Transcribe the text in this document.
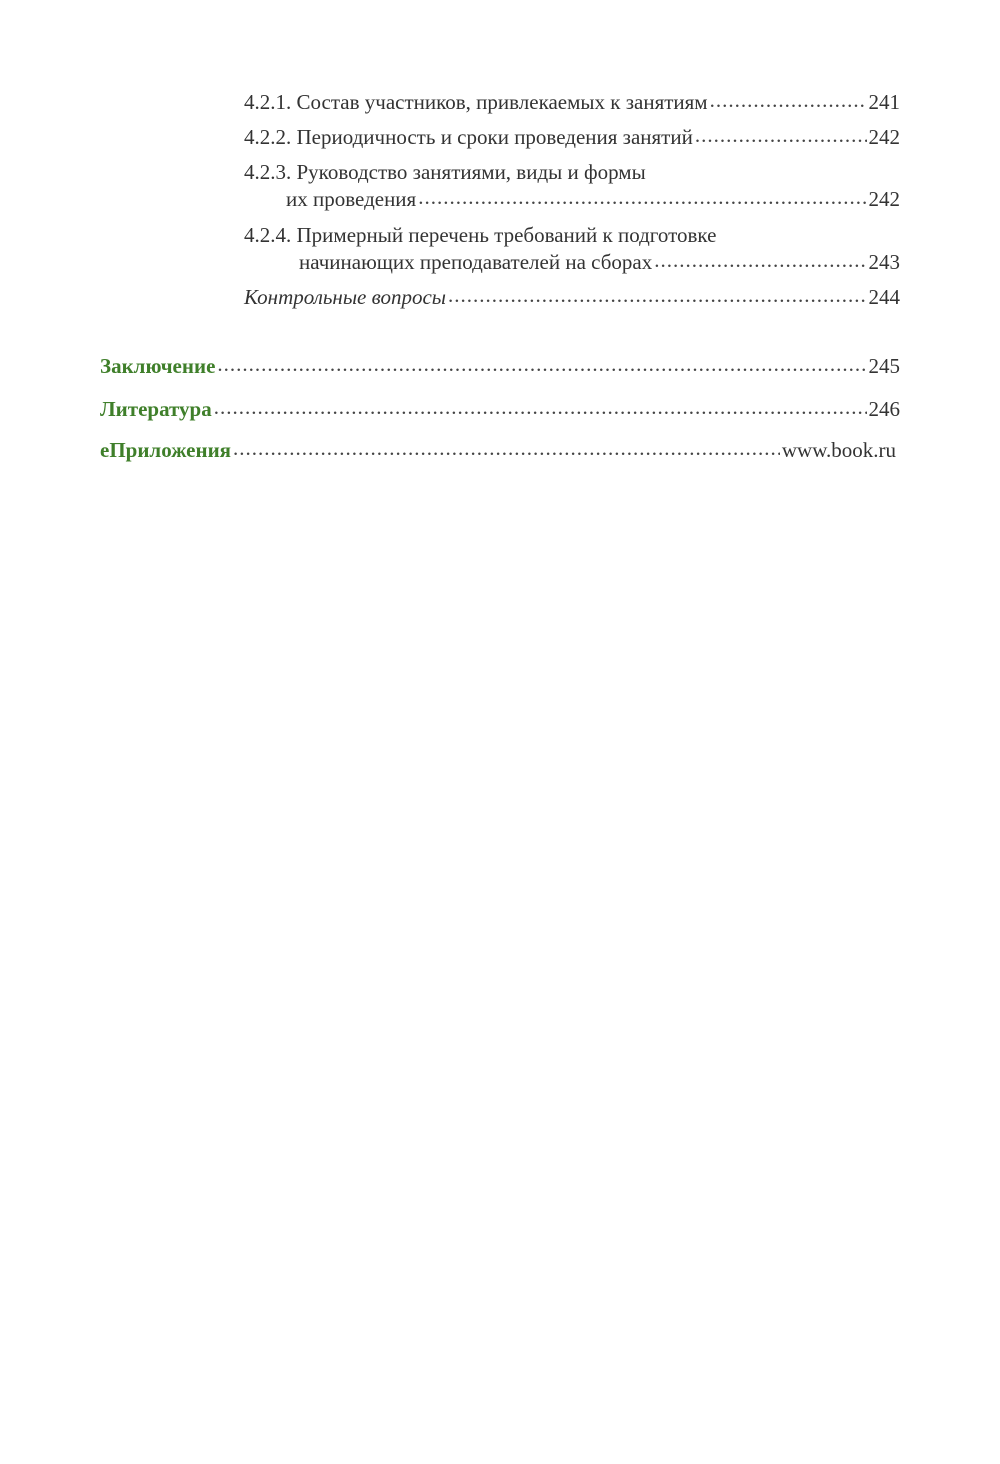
4.2.1. Состав участников, привлекаемых к занятиям .....	241
4.2.2. Периодичность и сроки проведения занятий .....	242
4.2.3. Руководство занятиями, виды и формы
их проведения .....	242
4.2.4. Примерный перечень требований к подготовке
начинающих преподавателей на сборах .....	243
Контрольные вопросы .....	244
Заключение .....	245
Литература .....	246
еПриложения .....	www.book.ru
